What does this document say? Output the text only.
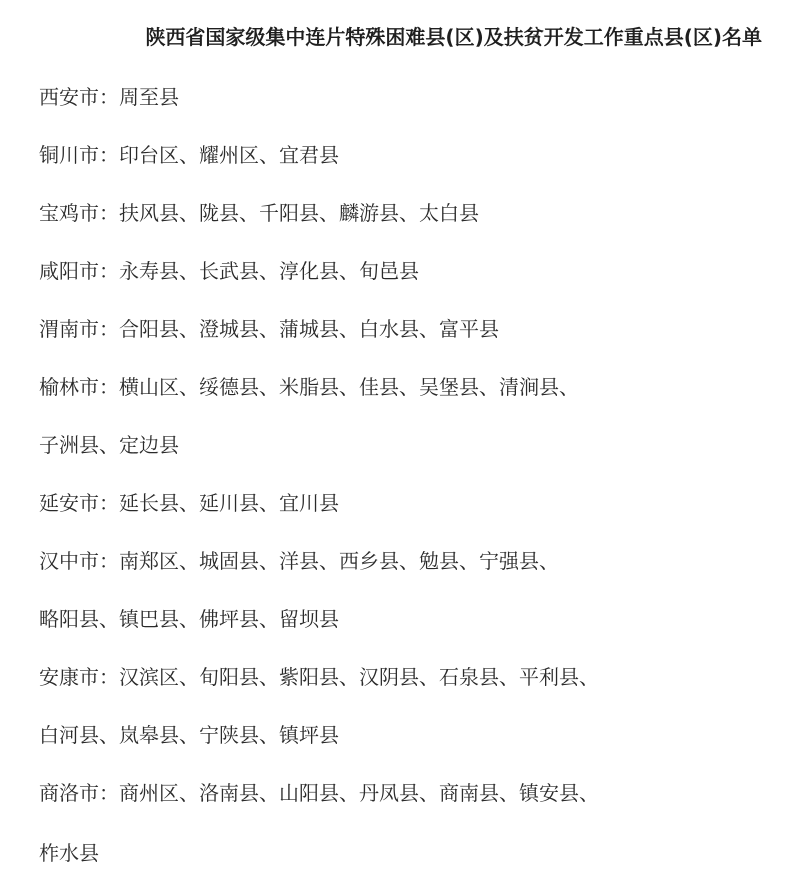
陕西省国家级集中连片特殊困难县(区)及扶贫开发工作重点县(区)名单
西安市：周至县
铜川市：印台区、耀州区、宜君县
宝鸡市：扶风县、陇县、千阳县、麟游县、太白县
咸阳市：永寿县、长武县、淳化县、旬邑县
渭南市：合阳县、澄城县、蒲城县、白水县、富平县
榆林市：横山区、绥德县、米脂县、佳县、吴堡县、清涧县、
子洲县、定边县
延安市：延长县、延川县、宜川县
汉中市：南郑区、城固县、洋县、西乡县、勉县、宁强县、
略阳县、镇巴县、佛坪县、留坝县
安康市：汉滨区、旬阳县、紫阳县、汉阴县、石泉县、平利县、
白河县、岚皋县、宁陕县、镇坪县
商洛市：商州区、洛南县、山阳县、丹凤县、商南县、镇安县、
柞水县
